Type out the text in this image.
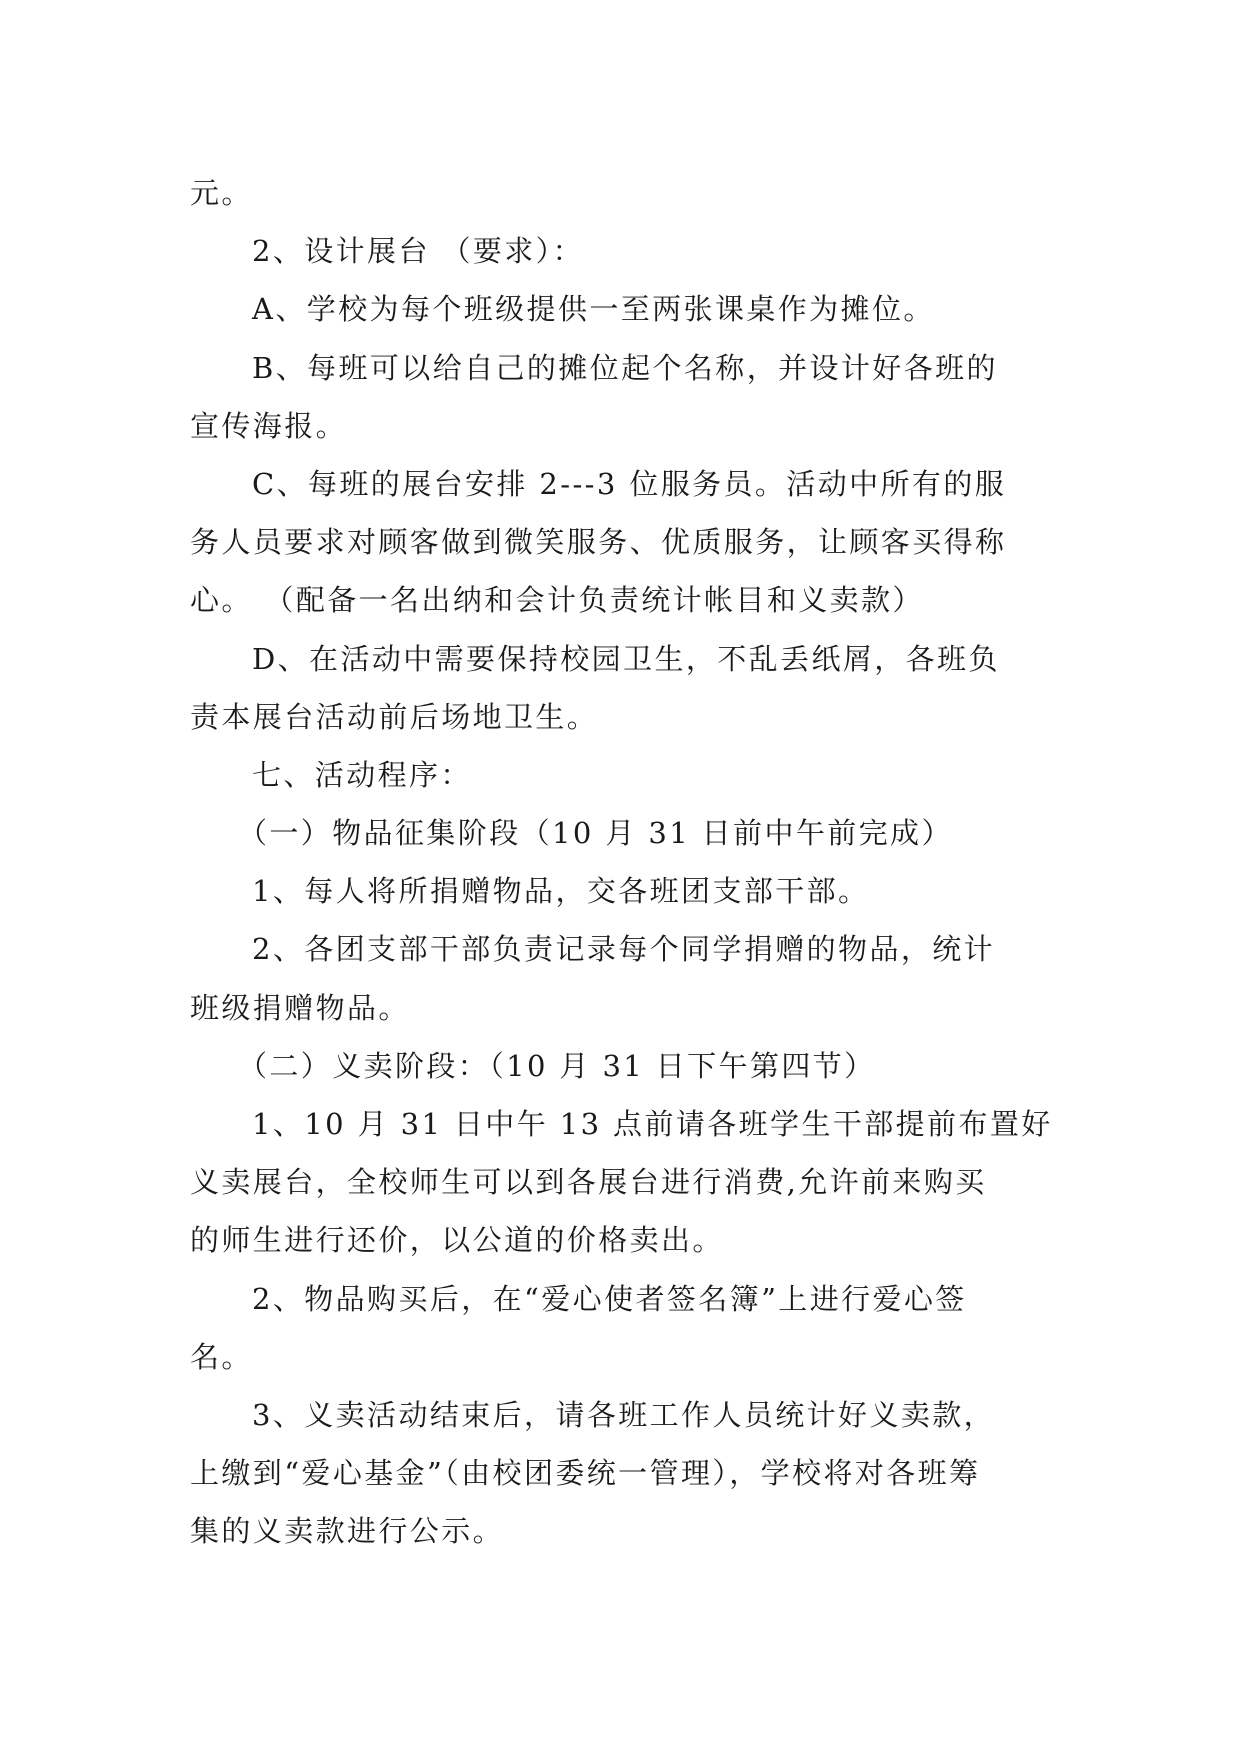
元。
2、设计展台 （要求）：
A、学校为每个班级提供一至两张课桌作为摊位。
B、每班可以给自己的摊位起个名称，并设计好各班的
宣传海报。
C、每班的展台安排 2---3 位服务员。活动中所有的服
务人员要求对顾客做到微笑服务、优质服务，让顾客买得称
心。 （配备一名出纳和会计负责统计帐目和义卖款）
D、在活动中需要保持校园卫生，不乱丢纸屑，各班负
责本展台活动前后场地卫生。
七、活动程序：
（一）物品征集阶段（10 月 31 日前中午前完成）
1、每人将所捐赠物品，交各班团支部干部。
2、各团支部干部负责记录每个同学捐赠的物品，统计
班级捐赠物品。
（二）义卖阶段：（10 月 31 日下午第四节）
1、10 月 31 日中午 13 点前请各班学生干部提前布置好
义卖展台，全校师生可以到各展台进行消费,允许前来购买
的师生进行还价，以公道的价格卖出。
2、物品购买后，在“爱心使者签名簿”上进行爱心签
名。
3、义卖活动结束后，请各班工作人员统计好义卖款，
上缴到“爱心基金”（由校团委统一管理），学校将对各班筹
集的义卖款进行公示。
